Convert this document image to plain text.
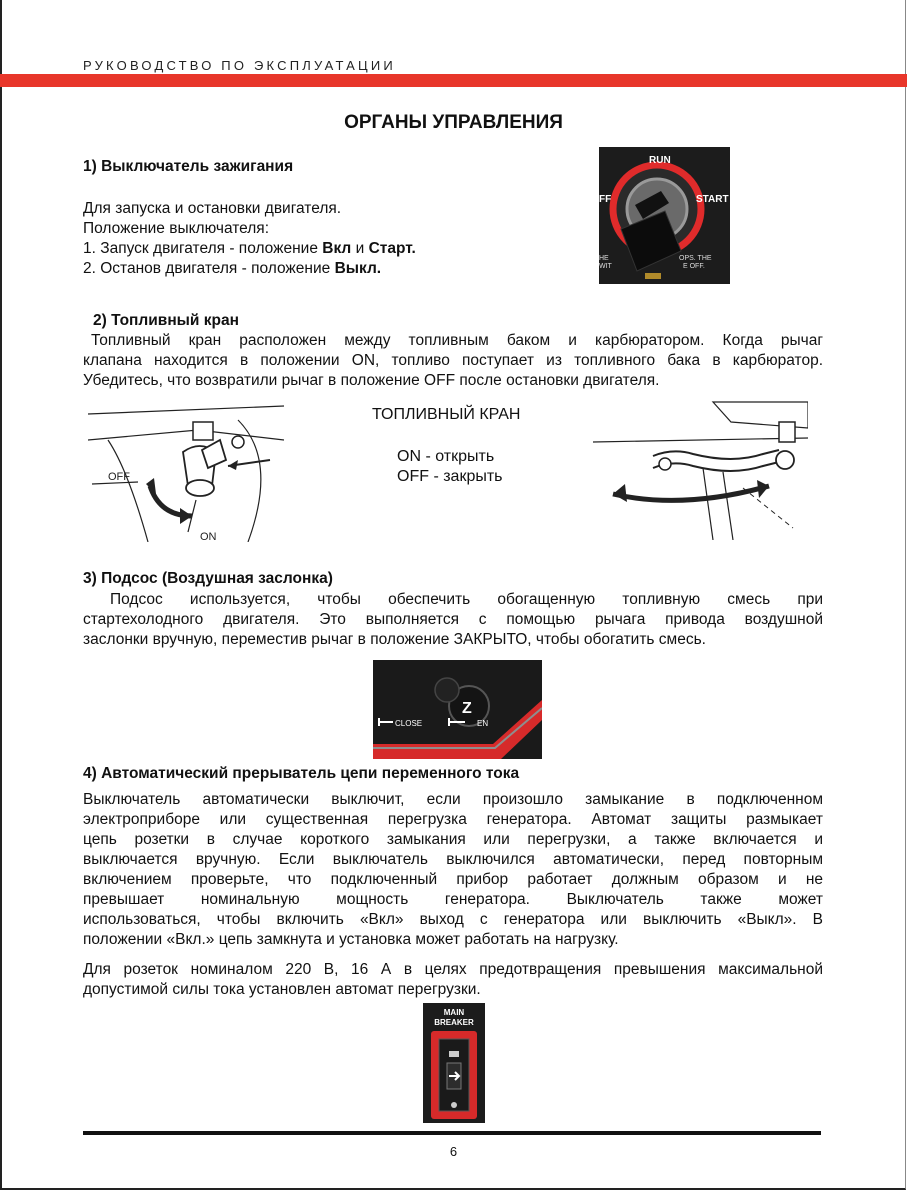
РУКОВОДСТВО ПО ЭКСПЛУАТАЦИИ
ОРГАНЫ УПРАВЛЕНИЯ
1) Выключатель зажигания
Для запуска и остановки двигателя.
Положение выключателя:
1. Запуск двигателя - положение Вкл и Старт.
2. Останов двигателя - положение Выкл.
RUN
START
FF
HE
WIT
OPS. THE
E OFF.
2) Топливный кран
Топливный кран расположен между топливным баком и карбюратором. Когда рычаг
клапана находится в положении ON, топливо поступает из топливного бака в карбюратор.
Убедитесь, что возвратили рычаг в положение OFF после остановки двигателя.
OFF
ON
ТОПЛИВНЫЙ КРАН
ON - открыть
OFF - закрыть
3) Подсос (Воздушная заслонка)
Подсос используется, чтобы обеспечить обогащенную топливную смесь при
стартехолодного двигателя. Это выполняется с помощью рычага привода воздушной
заслонки вручную, переместив рычаг в положение ЗАКРЫТО, чтобы обогатить смесь.
Z
CLOSE	EN
4) Автоматический прерыватель цепи переменного тока
Выключатель автоматически выключит, если произошло замыкание в подключенном
электроприборе или существенная перегрузка генератора. Автомат защиты размыкает
цепь розетки в случае короткого замыкания или перегрузки, а также включается и
выключается вручную. Если выключатель выключился автоматически, перед повторным
включением проверьте, что подключенный прибор работает должным образом и не
превышает номинальную мощность генератора. Выключатель также может
использоваться, чтобы включить «Вкл» выход с генератора или выключить «Выкл». В
положении «Вкл.» цепь замкнута и установка может работать на нагрузку.
Для розеток номиналом 220 В, 16 А в целях предотвращения превышения максимальной
допустимой силы тока установлен автомат перегрузки.
MAIN
BREAKER
6
